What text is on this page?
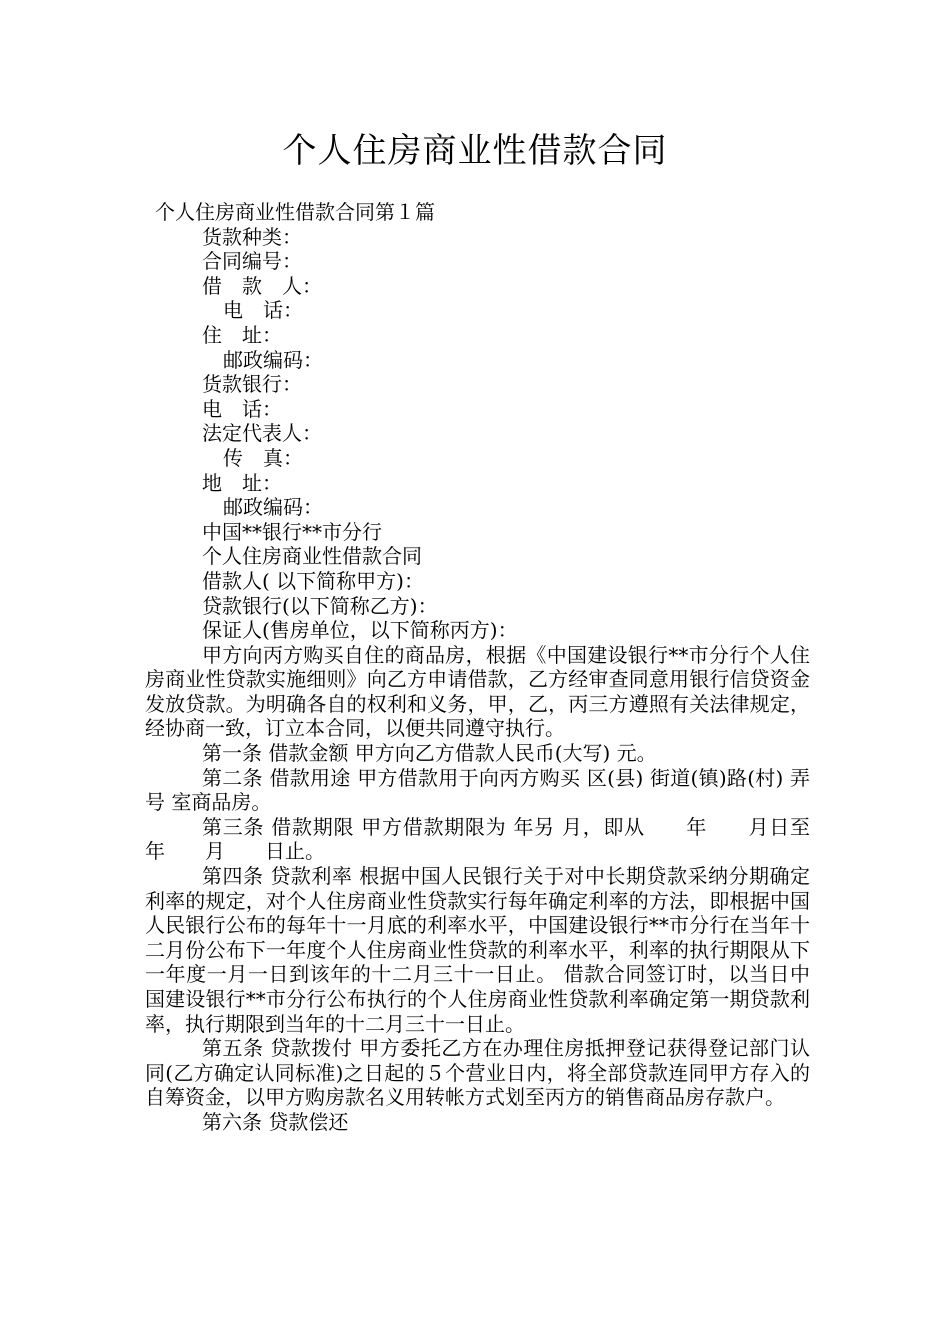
个人住房商业性借款合同
个人住房商业性借款合同第１篇
货款种类：
合同编号：
借　款　人：
电　话：
住　址：
邮政编码：
货款银行：
电　话：
法定代表人：
传　真：
地　址：
邮政编码：
中国**银行**市分行
个人住房商业性借款合同
借款人( 以下简称甲方)：
贷款银行(以下简称乙方)：
保证人(售房单位，以下简称丙方)：

甲方向丙方购买自住的商品房，根据《中国建设银行**市分行个人住房商业性贷款实施细则》向乙方申请借款，乙方经审查同意用银行信贷资金发放贷款。为明确各自的权利和义务，甲，乙，丙三方遵照有关法律规定，经协商一致，订立本合同，以便共同遵守执行。

第一条 借款金额 甲方向乙方借款人民币(大写) 元。

第二条 借款用途 甲方借款用于向丙方购买 区(县) 街道(镇)路(村) 弄 号 室商品房。

第三条 借款期限 甲方借款期限为 年另 月，即从　　年　　月日至　　年　　月　　日止。

第四条 贷款利率 根据中国人民银行关于对中长期贷款采纳分期确定利率的规定，对个人住房商业性贷款实行每年确定利率的方法，即根据中国人民银行公布的每年十一月底的利率水平，中国建设银行**市分行在当年十二月份公布下一年度个人住房商业性贷款的利率水平，利率的执行期限从下一年度一月一日到该年的十二月三十一日止。 借款合同签订时，以当日中国建设银行**市分行公布执行的个人住房商业性贷款利率确定第一期贷款利率，执行期限到当年的十二月三十一日止。

第五条 贷款拨付 甲方委托乙方在办理住房抵押登记获得登记部门认同(乙方确定认同标准)之日起的５个营业日内，将全部贷款连同甲方存入的自筹资金，以甲方购房款名义用转帐方式划至丙方的销售商品房存款户。

第六条 贷款偿还
